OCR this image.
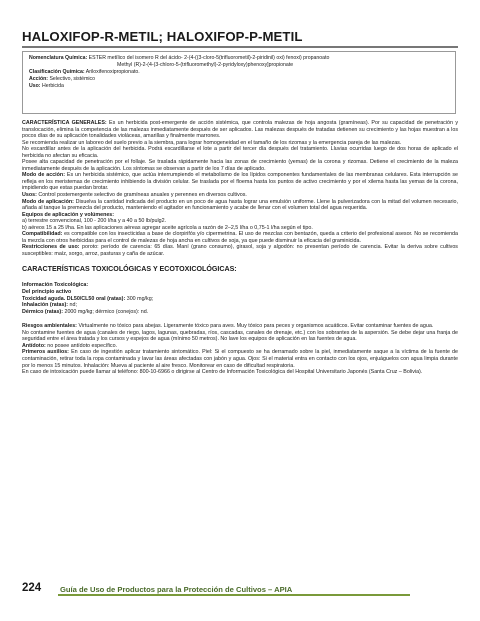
HALOXIFOP-R-METIL; HALOXIFOP-P-METIL
Nomenclatura Química: ESTER metílico del isomero R del ácido- 2-(4-((3-cloro-5(trifluorometil)-2-piridinil) oxi) fenoxi) propanoato
Methyl (R)-2-(4-(3-chloro-5-(trifluoromethyl)-2-pyridyloxy)phenoxy]propionate
Clasificación Química: Ariloxifenoxipropionato.
Acción: Selectivo, sistémico
Uso: Herbicida

CARACTERÍSTICA GENERALES: Es un herbicida post-emergente de acción sistémica, que controla malezas de hoja angosta (gramíneas). Por su capacidad de penetración y translocación, elimina la competencia de las malezas inmediatamente después de ser aplicados. Las malezas después de tratadas detienen su crecimiento y las hojas muestran a los pocos días de su aplicación tonalidades violáceas, amarillas y finalmente marrones.

Se recomienda realizar un laboreo del suelo previo a la siembra, para lograr homogeneidad en el tamaño de los rizomas y la emergencia pareja de las malezas.

No escardillar antes de la aplicación del herbicida. Podrá escardillarse el lote a partir del tercer día después del tratamiento. Lluvias ocurridas luego de dos horas de aplicado el herbicida no afectan su eficacia.

Posee alta capacidad de penetración por el follaje. Se traslada rápidamente hacia las zonas de crecimiento (yemas) de la corona y rizomas. Detiene el crecimiento de la maleza inmediatamente después de la aplicación. Los síntomas se observan a partir de los 7 días de aplicado.

Modo de acción: Es un herbicida sistémico, que actúa interrumpiendo el metabolismo de los lípidos componentes fundamentales de las membranas celulares. Esta interrupción se refleja en los meristemas de crecimiento inhibiendo la división celular. Se traslada por el floema hasta los puntos de activo crecimiento y por el xilema hasta las yemas de la corona, impidiendo que estas puedan brotar.

Usos: Control postemergente selectivo de gramíneas anuales y perennes en diversos cultivos.

Modo de aplicación: Disuelva la cantidad indicada del producto en un poco de agua hasta lograr una emulsión uniforme. Llene la pulverizadora con la mitad del volumen necesario, añada al tanque la premezcla del producto, manteniendo el agitador en funcionamiento y acabe de llenar con el volumen total del agua requerida.

Equipos de aplicación y volúmenes:

a) terrestre convencional, 100 - 200 l/ha y a 40 a 50 lb/pulg2.

b) aéreos 15 a 25 l/ha. En las aplicaciones aéreas agregar aceite agrícola a razón de 2–2,5 l/ha o 0,75-1 l/ha según el tipo.

Compatibilidad: es compatible con los insecticidas a base de clorpirifós y/o cipermetrina. El uso de mezclas con bentazón, queda a criterio del profesional asesor. No se recomienda la mezcla con otros herbicidas para el control de malezas de hoja ancha en cultivos de soja, ya que puede disminuir la eficacia del graminicida.

Restricciones de uso: poroto: período de carencia: 65 días. Maní (grano consumo), girasol, soja y algodón: no presentan período de carencia. Evitar la deriva sobre cultivos susceptibles: maíz, sorgo, arroz, pasturas y caña de azúcar.

CARACTERÍSTICAS TOXICOLÓGICAS Y ECOTOXICOLÓGICAS:

Información Toxicológica:

Del principio activo

Toxicidad aguda. DL50/CL50 oral (ratas): 300 mg/kg;

Inhalación (ratas): nd;

Dérmico (ratas): 2000 mg/kg; dérmico (conejos): nd.

Riesgos ambientales: Virtualmente no tóxico para abejas. Ligeramente tóxico para aves. Muy tóxico para peces y organismos acuáticos. Evitar contaminar fuentes de agua.

No contamine fuentes de agua (canales de riego, lagos, lagunas, quebradas, ríos, cascadas, canales de drenaje, etc.) con los sobrantes de la aspersión. Se debe dejar una franja de seguridad entre el área tratada y los cursos y espejos de agua (mínimo 50 metros). No lave los equipos de aplicación en las fuentes de agua.

Antídoto: no posee antídoto específico.

Primeros auxilios: En caso de ingestión aplicar tratamiento sintomático. Piel: Si el compuesto se ha derramado sobre la piel, inmediatamente saque a la víctima de la fuente de contaminación, retirar toda la ropa contaminada y lavar las áreas afectadas con jabón y agua. Ojos: Si el material entra en contacto con los ojos, enjuáguelos con agua limpia durante por lo menos 15 minutos. Inhalación: Mueva al paciente al aire fresco. Monitorear en caso de dificultad respiratoria.

En caso de intoxicación puede llamar al teléfono: 800-10-6966 o dirigirse al Centro de Información Toxicológica del Hospital Universitario Japonés (Santa Cruz – Bolivia).

224 Guía de Uso de Productos para la Protección de Cultivos – APIA
